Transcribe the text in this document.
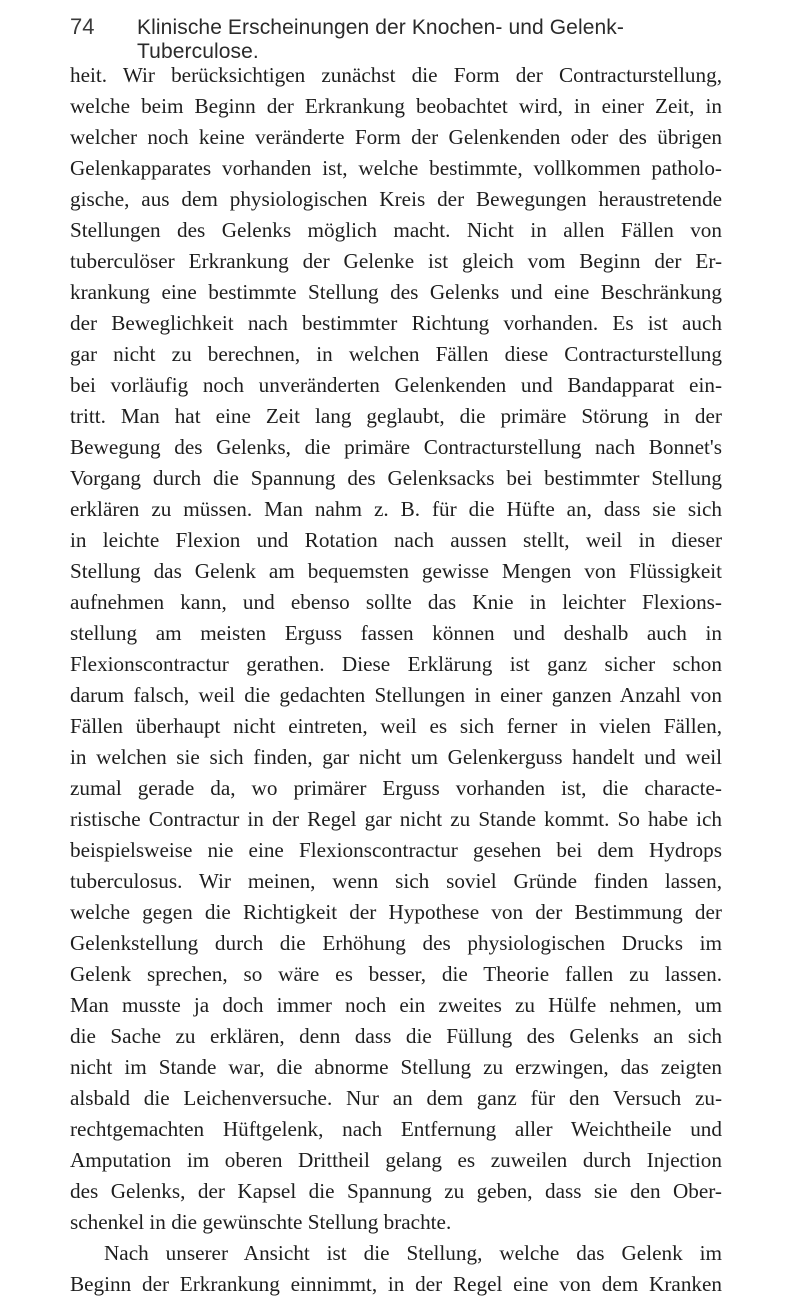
74	Klinische Erscheinungen der Knochen- und Gelenk-Tuberculose.
heit. Wir berücksichtigen zunächst die Form der Contracturstellung,
welche beim Beginn der Erkrankung beobachtet wird, in einer Zeit, in
welcher noch keine veränderte Form der Gelenkenden oder des übrigen
Gelenkapparates vorhanden ist, welche bestimmte, vollkommen patholo-
gische, aus dem physiologischen Kreis der Bewegungen heraustretende
Stellungen des Gelenks möglich macht. Nicht in allen Fällen von
tuberculöser Erkrankung der Gelenke ist gleich vom Beginn der Er-
krankung eine bestimmte Stellung des Gelenks und eine Beschränkung
der Beweglichkeit nach bestimmter Richtung vorhanden. Es ist auch
gar nicht zu berechnen, in welchen Fällen diese Contracturstellung
bei vorläufig noch unveränderten Gelenkenden und Bandapparat ein-
tritt. Man hat eine Zeit lang geglaubt, die primäre Störung in der
Bewegung des Gelenks, die primäre Contracturstellung nach Bonnet's
Vorgang durch die Spannung des Gelenksacks bei bestimmter Stellung
erklären zu müssen. Man nahm z. B. für die Hüfte an, dass sie sich
in leichte Flexion und Rotation nach aussen stellt, weil in dieser
Stellung das Gelenk am bequemsten gewisse Mengen von Flüssigkeit
aufnehmen kann, und ebenso sollte das Knie in leichter Flexions-
stellung am meisten Erguss fassen können und deshalb auch in
Flexionscontractur gerathen. Diese Erklärung ist ganz sicher schon
darum falsch, weil die gedachten Stellungen in einer ganzen Anzahl von
Fällen überhaupt nicht eintreten, weil es sich ferner in vielen Fällen,
in welchen sie sich finden, gar nicht um Gelenkerguss handelt und weil
zumal gerade da, wo primärer Erguss vorhanden ist, die characte-
ristische Contractur in der Regel gar nicht zu Stande kommt. So habe ich
beispielsweise nie eine Flexionscontractur gesehen bei dem Hydrops
tuberculosus. Wir meinen, wenn sich soviel Gründe finden lassen,
welche gegen die Richtigkeit der Hypothese von der Bestimmung der
Gelenkstellung durch die Erhöhung des physiologischen Drucks im
Gelenk sprechen, so wäre es besser, die Theorie fallen zu lassen.
Man musste ja doch immer noch ein zweites zu Hülfe nehmen, um
die Sache zu erklären, denn dass die Füllung des Gelenks an sich
nicht im Stande war, die abnorme Stellung zu erzwingen, das zeigten
alsbald die Leichenversuche. Nur an dem ganz für den Versuch zu-
rechtgemachten Hüftgelenk, nach Entfernung aller Weichtheile und
Amputation im oberen Drittheil gelang es zuweilen durch Injection
des Gelenks, der Kapsel die Spannung zu geben, dass sie den Ober-
schenkel in die gewünschte Stellung brachte.
Nach unserer Ansicht ist die Stellung, welche das Gelenk im
Beginn der Erkrankung einnimmt, in der Regel eine von dem Kranken
